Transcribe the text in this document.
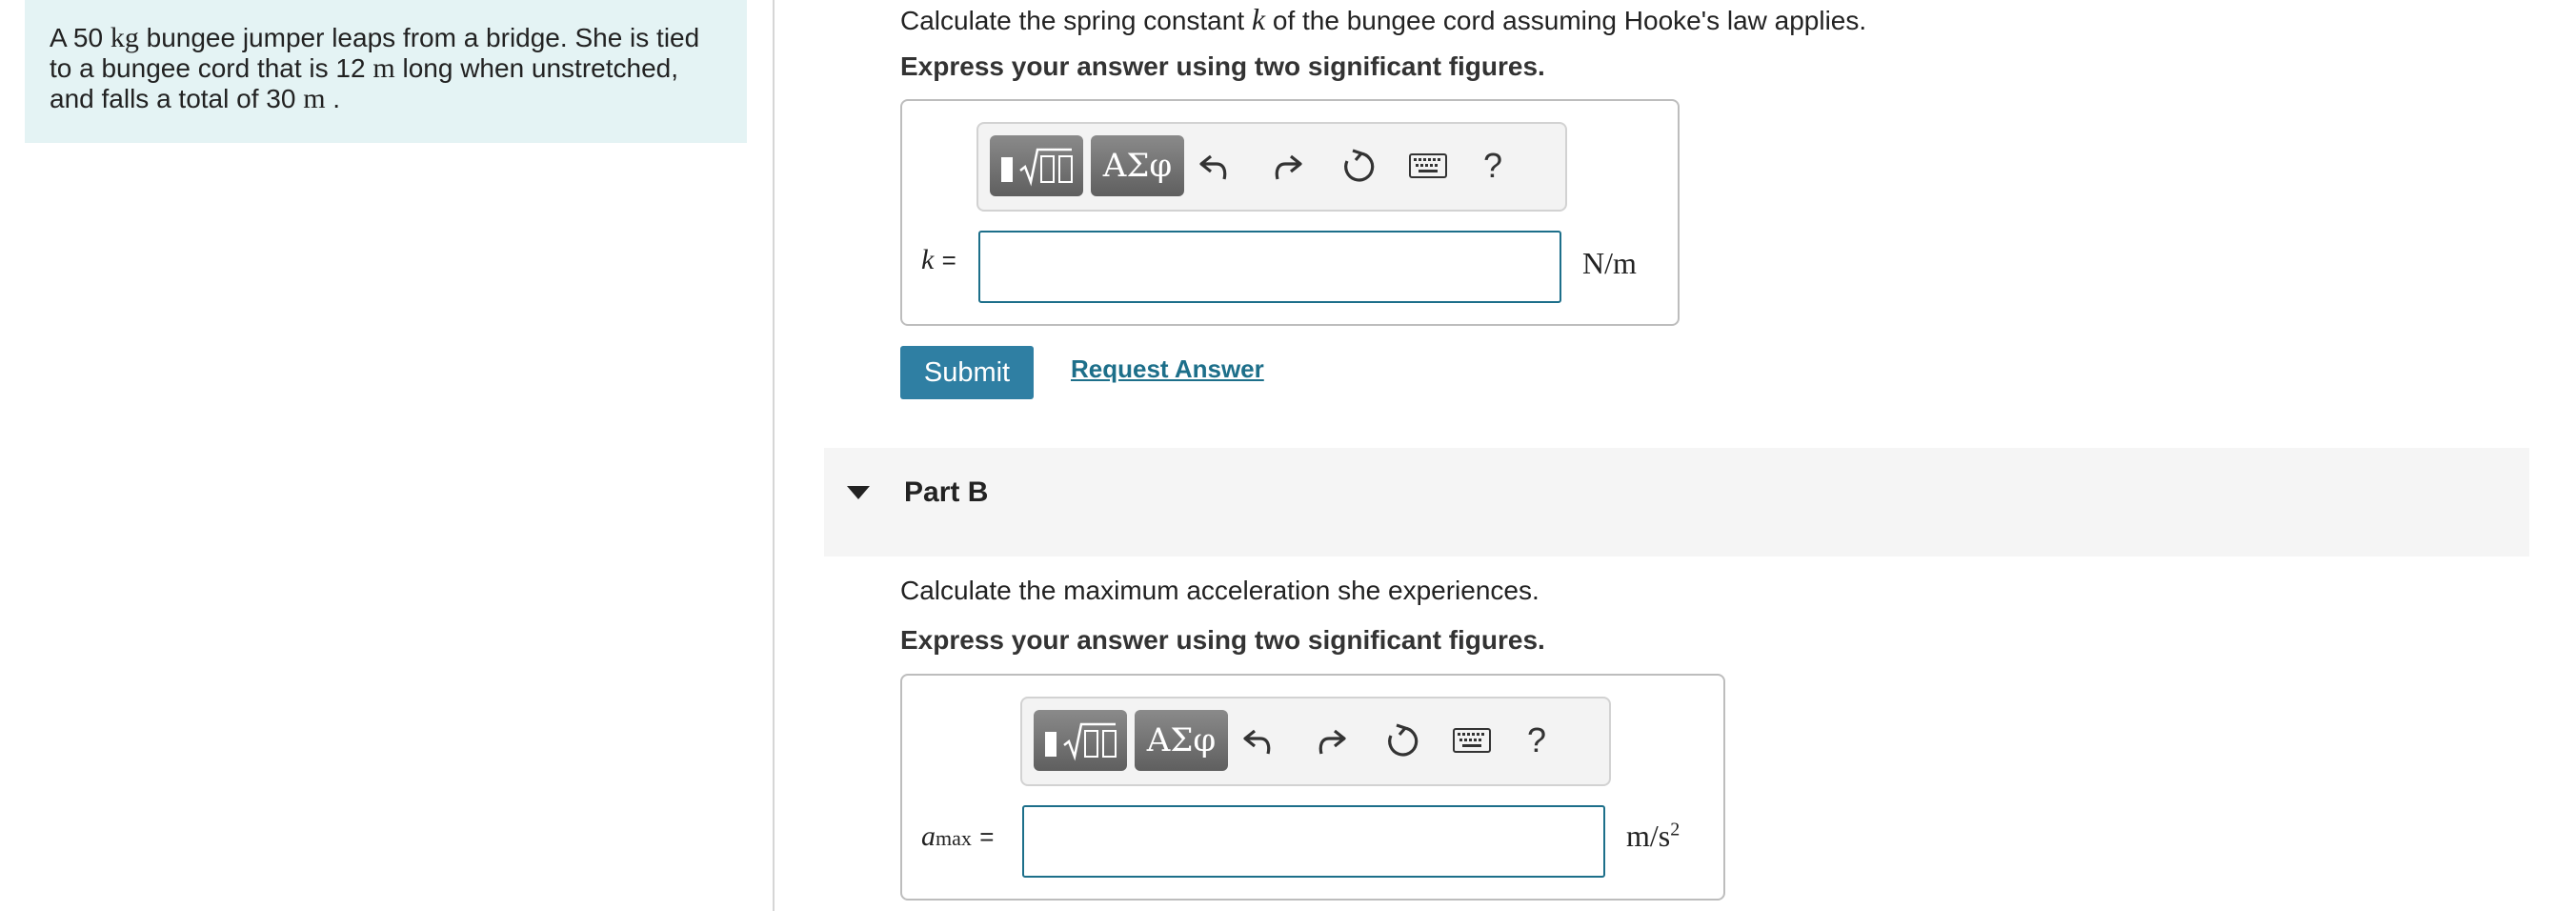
A 50 kg bungee jumper leaps from a bridge. She is tied to a bungee cord that is 12 m long when unstretched, and falls a total of 30 m .
Calculate the spring constant k of the bungee cord assuming Hooke's law applies.
Express your answer using two significant figures.
ΑΣφ	?
k =	N/m
Submit	Request Answer
Part B
Calculate the maximum acceleration she experiences.
Express your answer using two significant figures.
ΑΣφ	?
amax =	$m/s^2$
